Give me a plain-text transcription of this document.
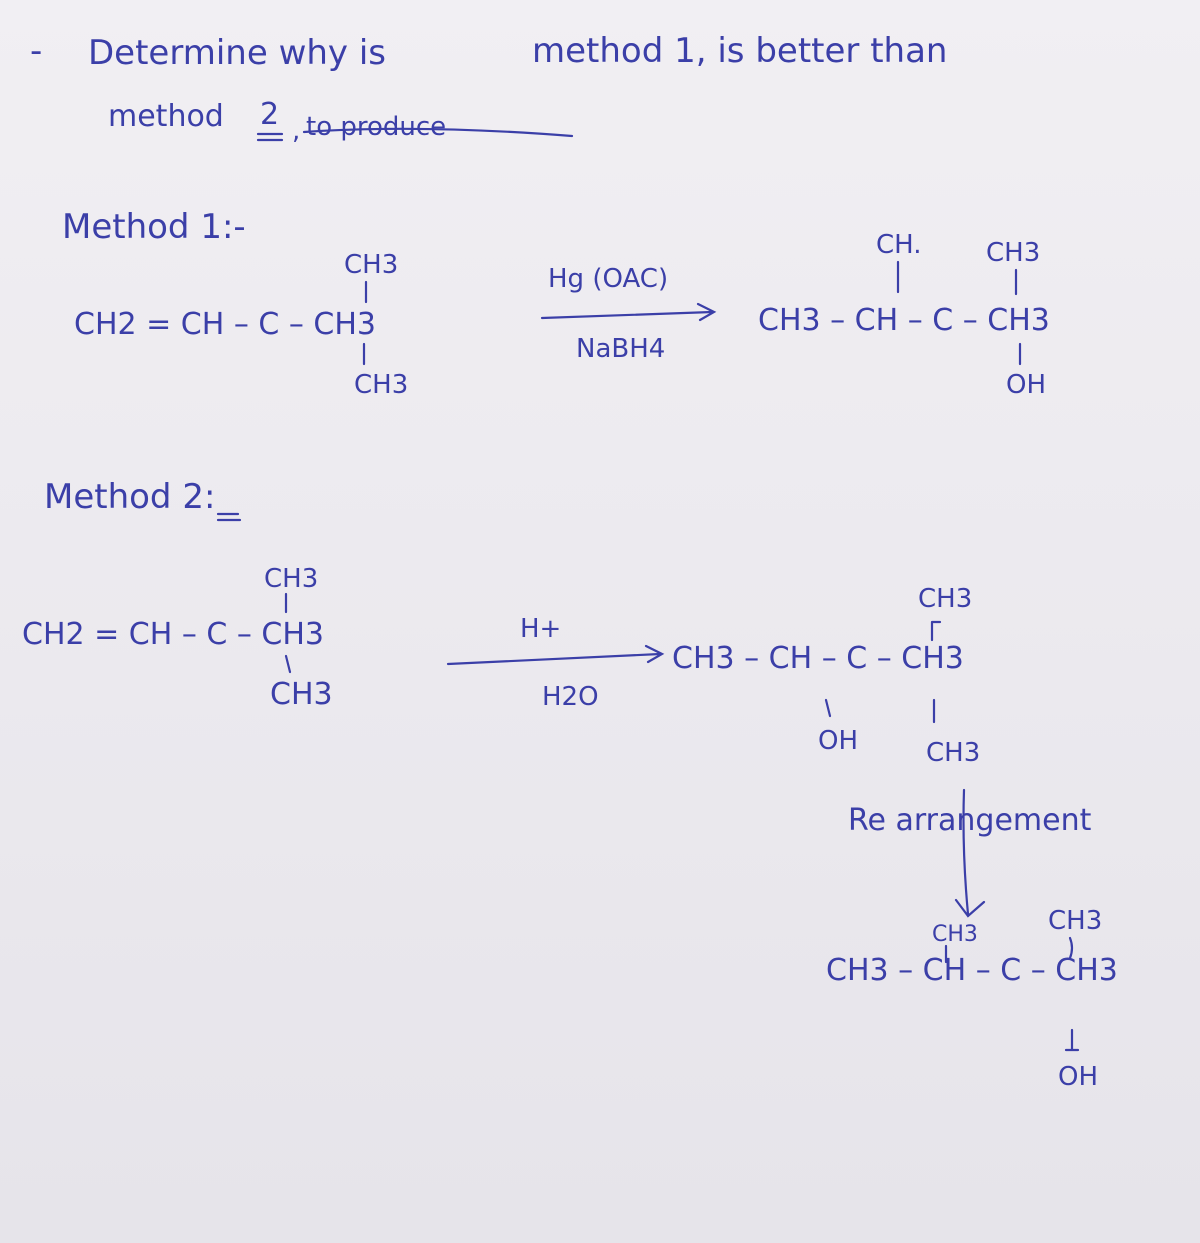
- Determine why is	method 1, is better than
method 2 , to produce
Method 1:-
CH3
CH2 = CH – C – CH3
CH3
Hg (OAC)
NaBH4
CH. CH3
CH3 – CH – C – CH3
OH
Method 2:
CH3
CH2 = CH – C – CH3
CH3
H+
H2O
CH3
CH3 – CH – C – CH3
OH	CH3
Re arrangement
CH3	CH3
CH3 – CH – C – CH3
OH
